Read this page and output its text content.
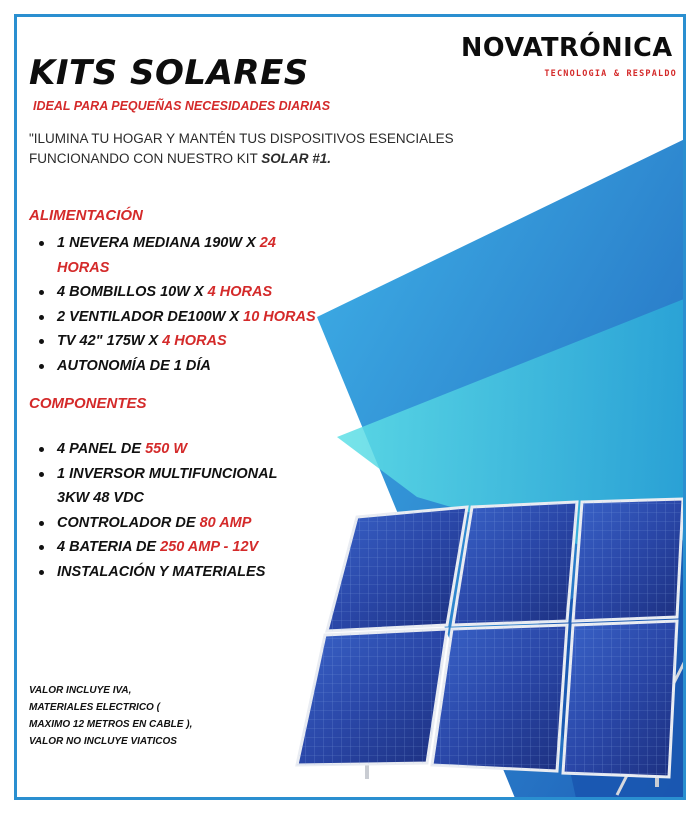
NOVATRÓNICA
TECNOLOGIA & RESPALDO
KITS SOLARES
IDEAL PARA PEQUEÑAS NECESIDADES DIARIAS
"ILUMINA TU HOGAR Y MANTÉN TUS DISPOSITIVOS ESENCIALES FUNCIONANDO CON NUESTRO KIT SOLAR #1.
ALIMENTACIÓN
1 NEVERA MEDIANA 190W X 24
HORAS
4 BOMBILLOS 10W X 4 HORAS
2 VENTILADOR DE100W X 10 HORAS
TV 42" 175W X 4 HORAS
AUTONOMÍA DE 1 DÍA
COMPONENTES
4 PANEL DE 550 W
1 INVERSOR MULTIFUNCIONAL
3KW 48 VDC
CONTROLADOR DE 80 AMP
4 BATERIA DE 250 AMP - 12V
INSTALACIÓN Y MATERIALES
VALOR INCLUYE IVA,
MATERIALES ELECTRICO (
MAXIMO 12 METROS EN CABLE ),
VALOR NO INCLUYE VIATICOS
